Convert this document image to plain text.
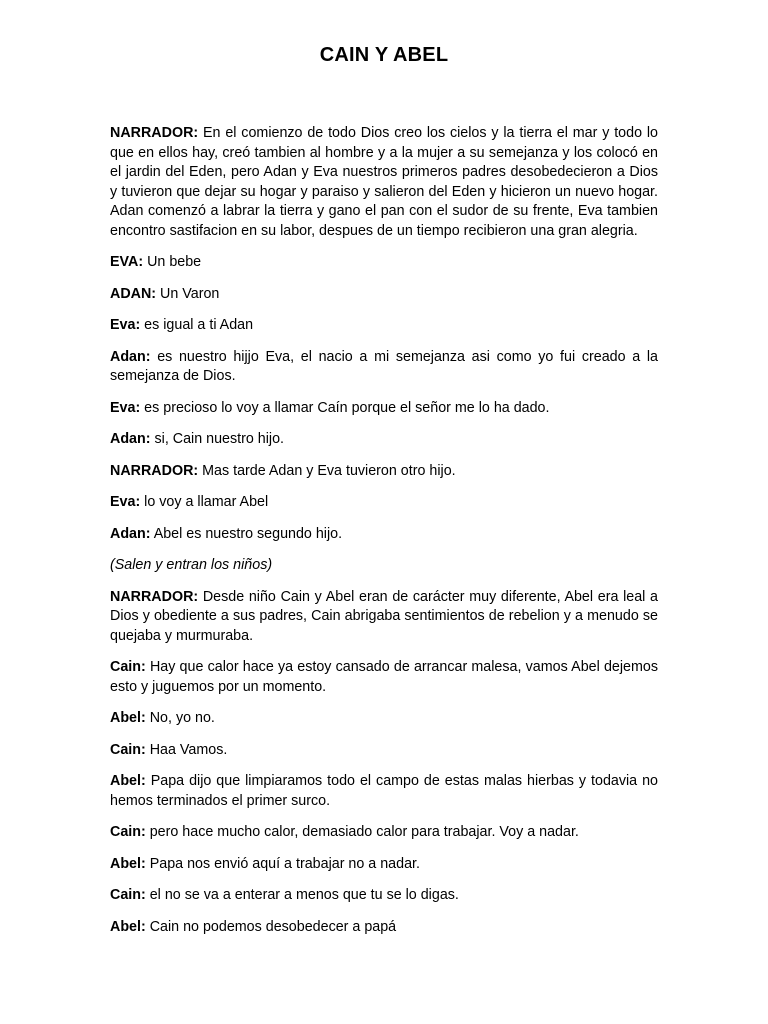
CAIN Y ABEL

NARRADOR: En el comienzo de todo Dios creo los cielos y la tierra el mar y todo lo que en ellos hay, creó tambien al hombre y a la mujer a su semejanza y los colocó en el jardin del Eden, pero Adan y Eva nuestros primeros padres desobedecieron a Dios y tuvieron que dejar su hogar y paraiso y salieron del Eden y hicieron un nuevo hogar. Adan comenzó a labrar la tierra y gano el pan con el sudor de su frente, Eva tambien encontro sastifacion en su labor, despues de un tiempo recibieron una gran alegria.

EVA: Un bebe

ADAN: Un Varon

Eva: es igual a ti Adan

Adan: es nuestro hijjo Eva, el nacio a mi semejanza asi como yo fui creado a la semejanza de Dios.

Eva: es precioso lo voy a llamar Caín porque el señor me lo ha dado.

Adan: si, Cain nuestro hijo.

NARRADOR: Mas tarde Adan y Eva tuvieron otro hijo.

Eva: lo voy a llamar Abel

Adan: Abel es nuestro segundo hijo.

(Salen y entran los niños)

NARRADOR: Desde niño Cain y Abel eran de carácter muy diferente, Abel era leal a Dios y obediente a sus padres, Cain abrigaba sentimientos de rebelion y a menudo se quejaba y murmuraba.

Cain: Hay que calor hace ya estoy cansado de arrancar malesa, vamos Abel dejemos esto y juguemos por un momento.

Abel: No, yo no.

Cain: Haa Vamos.

Abel: Papa dijo que limpiaramos todo el campo de estas malas hierbas y todavia no hemos terminados el primer surco.

Cain: pero hace mucho calor, demasiado calor para trabajar. Voy a nadar.

Abel: Papa nos envió aquí a trabajar no a nadar.

Cain: el no se va a enterar a menos que tu se lo digas.

Abel: Cain no podemos desobedecer a papá
